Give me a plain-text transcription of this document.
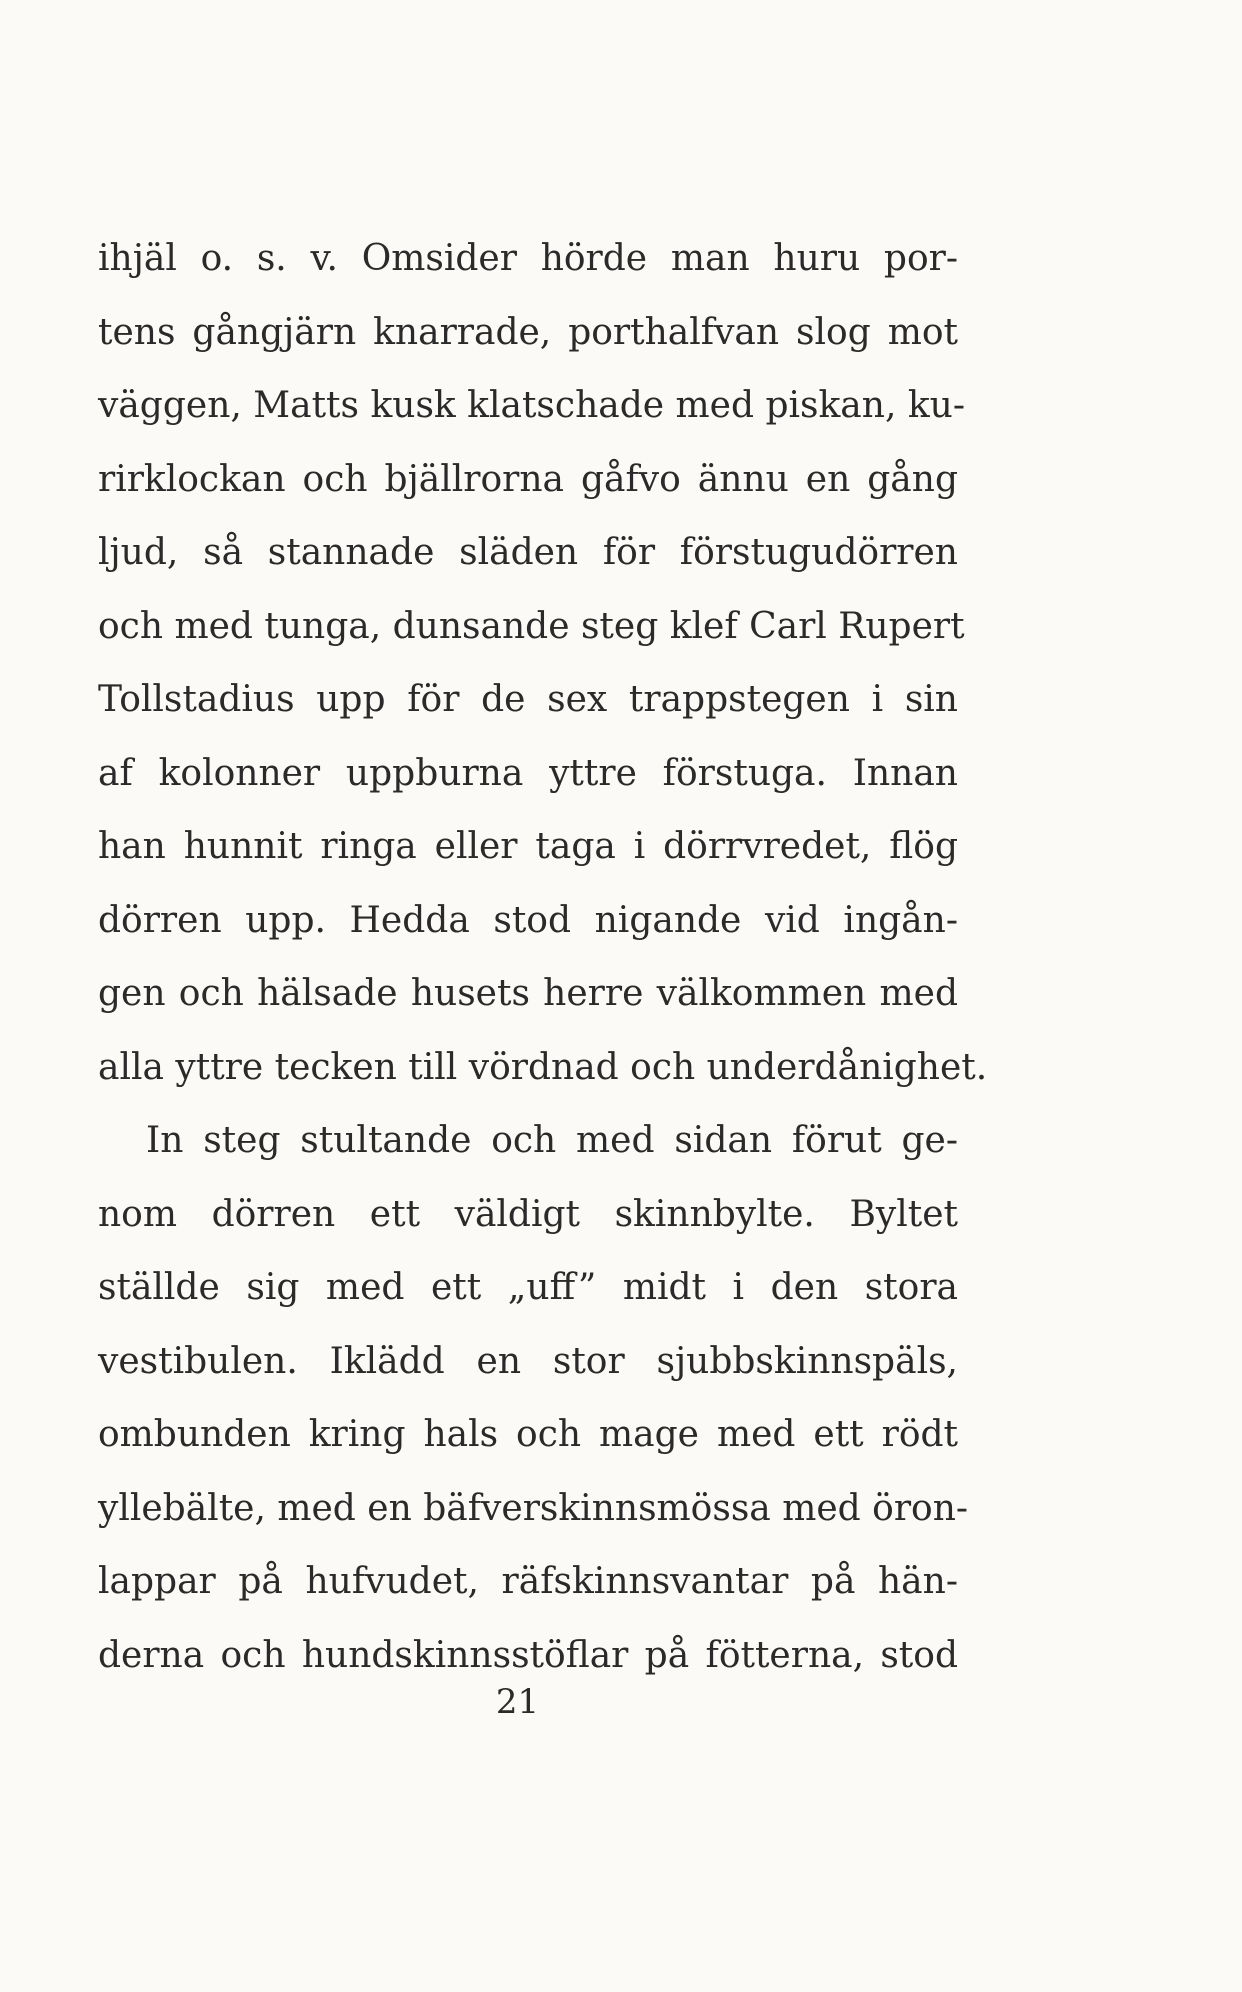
ihjäl o. s. v. Omsider hörde man huru por-
tens gångjärn knarrade, porthalfvan slog mot
väggen, Matts kusk klatschade med piskan, ku-
rirklockan och bjällrorna gåfvo ännu en gång
ljud, så stannade släden för förstugudörren
och med tunga, dunsande steg klef Carl Rupert
Tollstadius upp för de sex trappstegen i sin
af kolonner uppburna yttre förstuga. Innan
han hunnit ringa eller taga i dörrvredet, flög
dörren upp. Hedda stod nigande vid ingån-
gen och hälsade husets herre välkommen med
alla yttre tecken till vördnad och underdånighet.
In steg stultande och med sidan förut ge-
nom dörren ett väldigt skinnbylte. Byltet
ställde sig med ett „uff” midt i den stora
vestibulen. Iklädd en stor sjubbskinnspäls,
ombunden kring hals och mage med ett rödt
yllebälte, med en bäfverskinnsmössa med öron-
lappar på hufvudet, räfskinnsvantar på hän-
derna och hundskinnsstöflar på fötterna, stod
21
